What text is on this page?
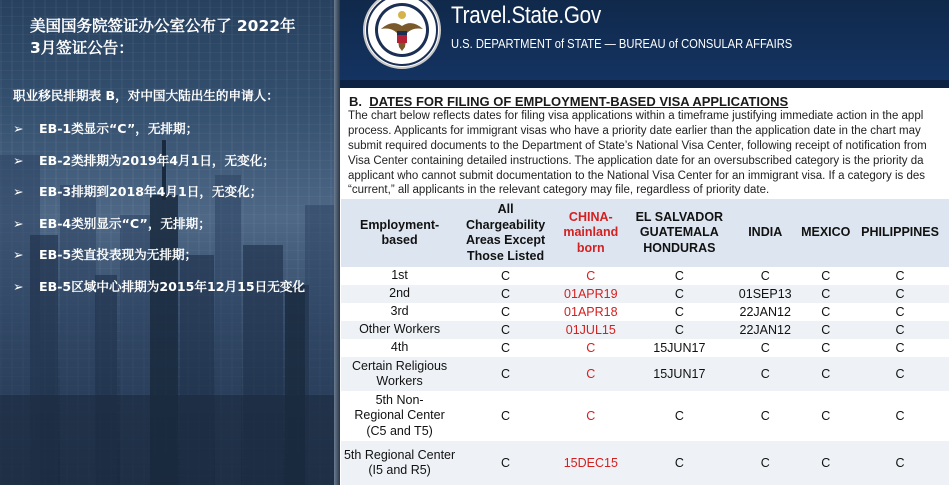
美国国务院签证办公室公布了 2022年3月签证公告：

职业移民排期表 B，对中国大陆出生的申请人：

➢ EB-1类显示“C”，无排期；
➢ EB-2类排期为2019年4月1日，无变化；
➢ EB-3排期到2018年4月1日，无变化；
➢ EB-4类别显示“C”，无排期；
➢ EB-5类直投表现为无排期；
➢ EB-5区域中心排期为2015年12月15日无变化
Travel.State.Gov
U.S. DEPARTMENT of STATE — BUREAU of CONSULAR AFFAIRS
B. DATES FOR FILING OF EMPLOYMENT-BASED VISA APPLICATIONS
The chart below reflects dates for filing visa applications within a timeframe justifying immediate action in the appl
process. Applicants for immigrant visas who have a priority date earlier than the application date in the chart may
submit required documents to the Department of State’s National Visa Center, following receipt of notification from
Visa Center containing detailed instructions. The application date for an oversubscribed category is the priority da
applicant who cannot submit documentation to the National Visa Center for an immigrant visa. If a category is des
“current,” all applicants in the relevant category may file, regardless of priority date.
Employment-
based	All
Chargeability
Areas Except
Those Listed	CHINA-
mainland
born	EL SALVADOR
GUATEMALA
HONDURAS	INDIA	MEXICO	PHILIPPINES
1st	C	C	C	C	C	C
2nd	C	01APR19	C	01SEP13	C	C
3rd	C	01APR18	C	22JAN12	C	C
Other Workers	C	01JUL15	C	22JAN12	C	C
4th	C	C	15JUN17	C	C	C
Certain Religious
Workers	C	C	15JUN17	C	C	C
5th Non-
Regional Center
(C5 and T5)	C	C	C	C	C	C
5th Regional Center
(I5 and R5)	C	15DEC15	C	C	C	C
